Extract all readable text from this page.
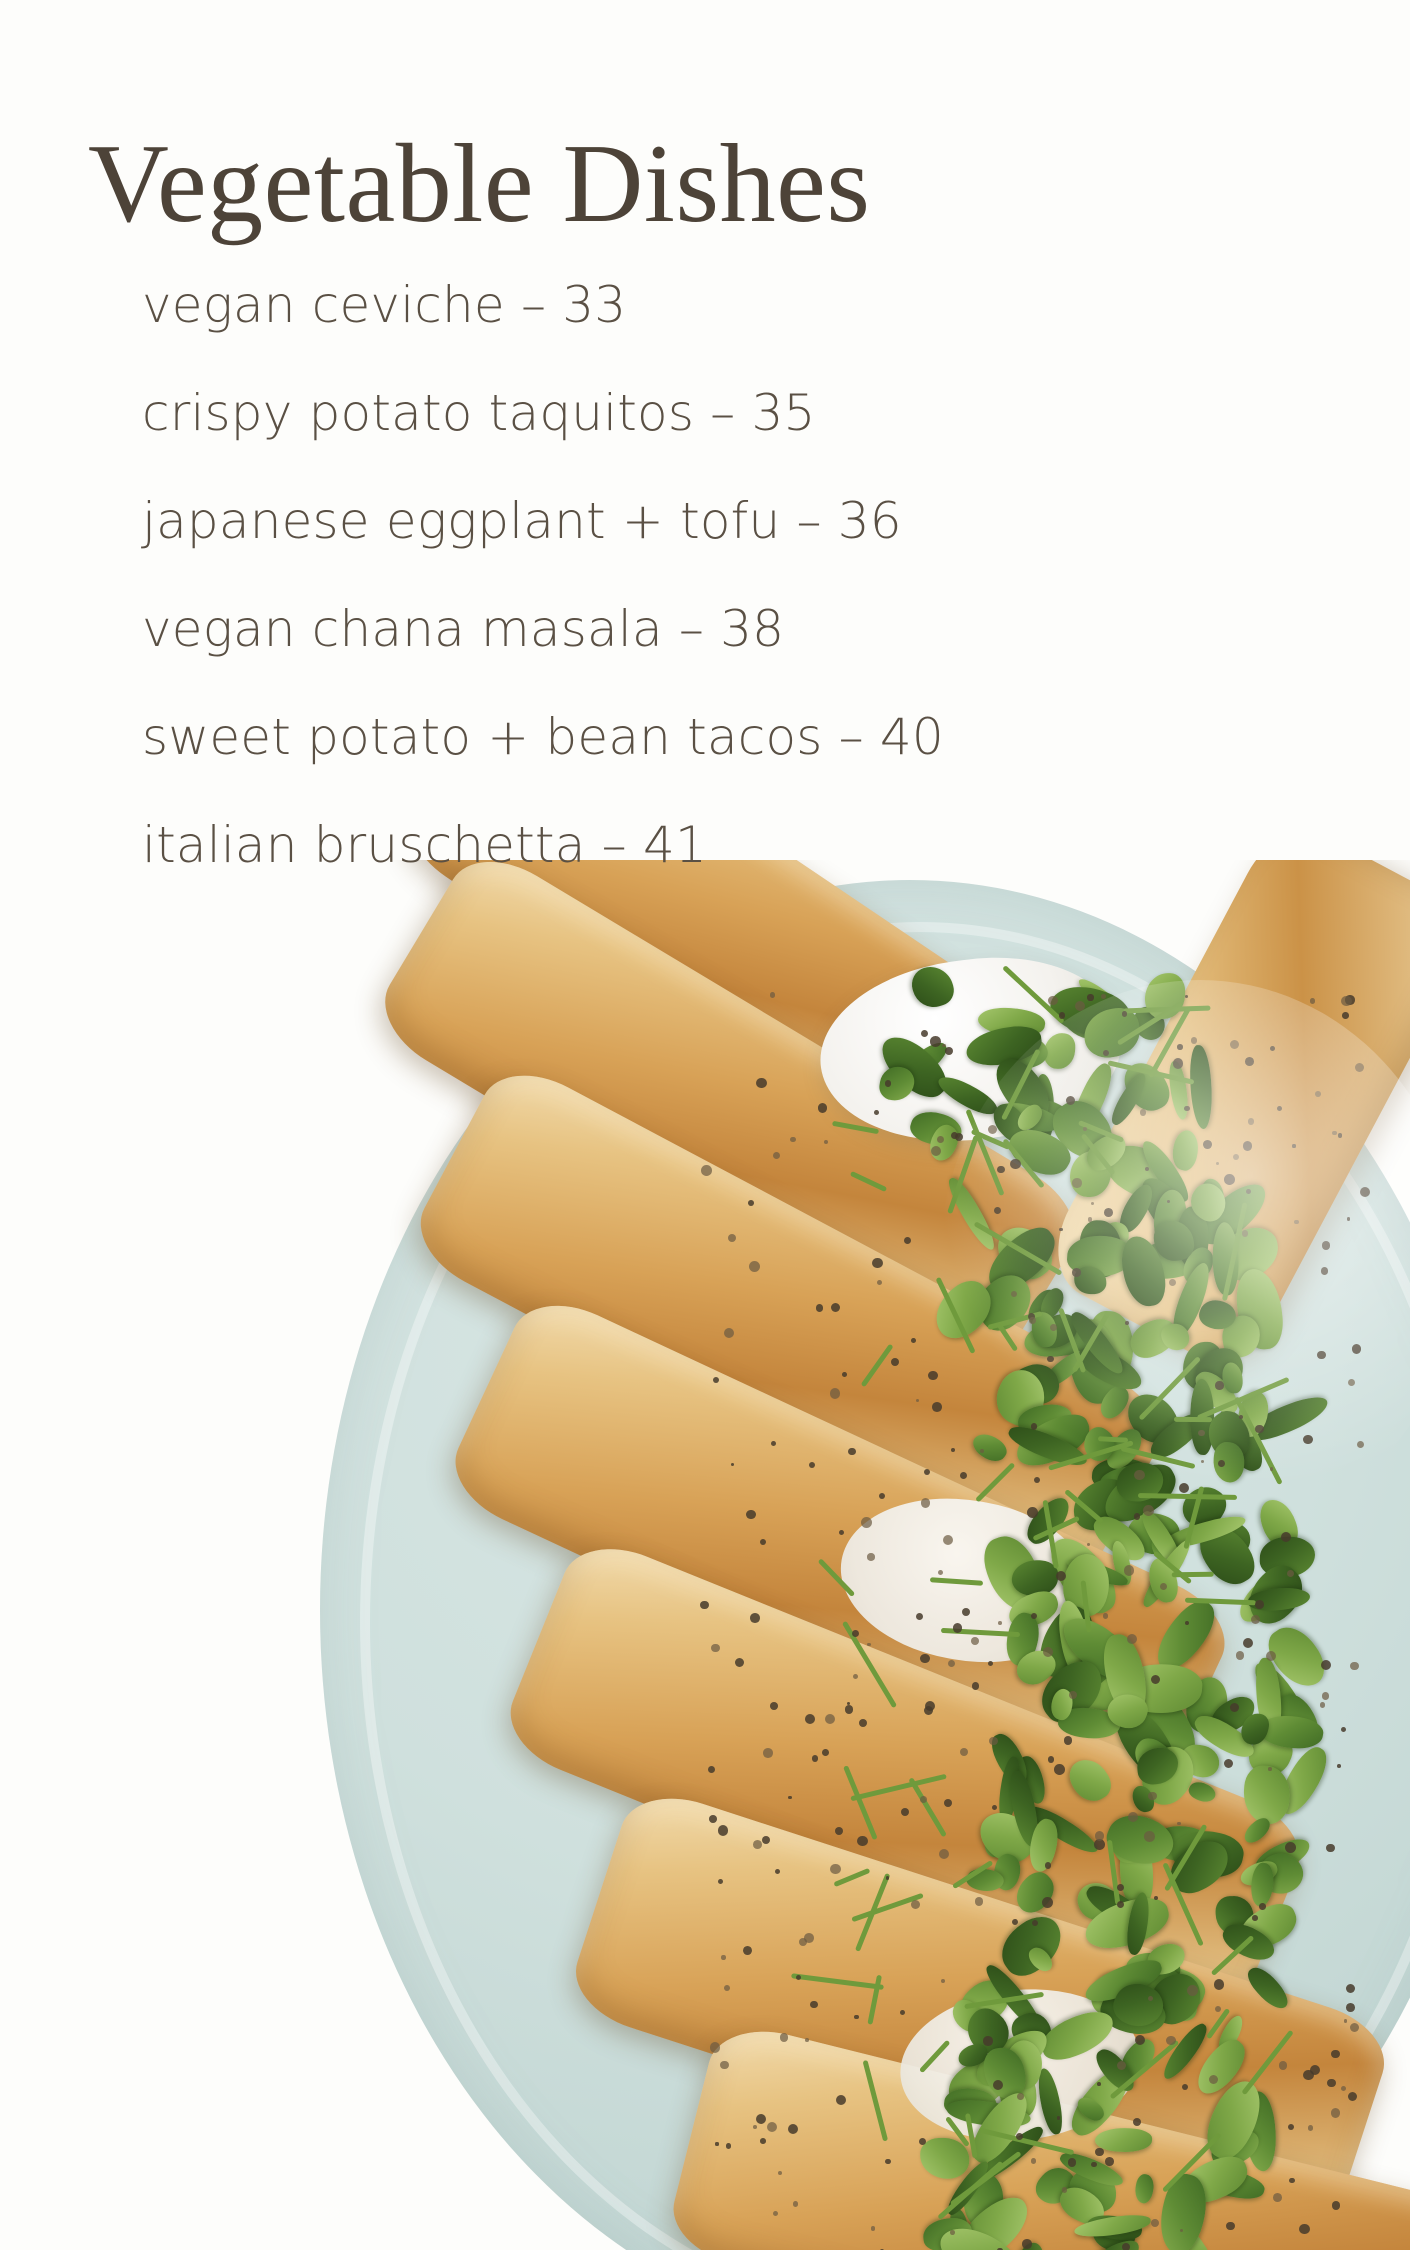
Vegetable Dishes
vegan ceviche – 33
crispy potato taquitos – 35
japanese eggplant + tofu – 36
vegan chana masala – 38
sweet potato + bean tacos – 40
italian bruschetta – 41
